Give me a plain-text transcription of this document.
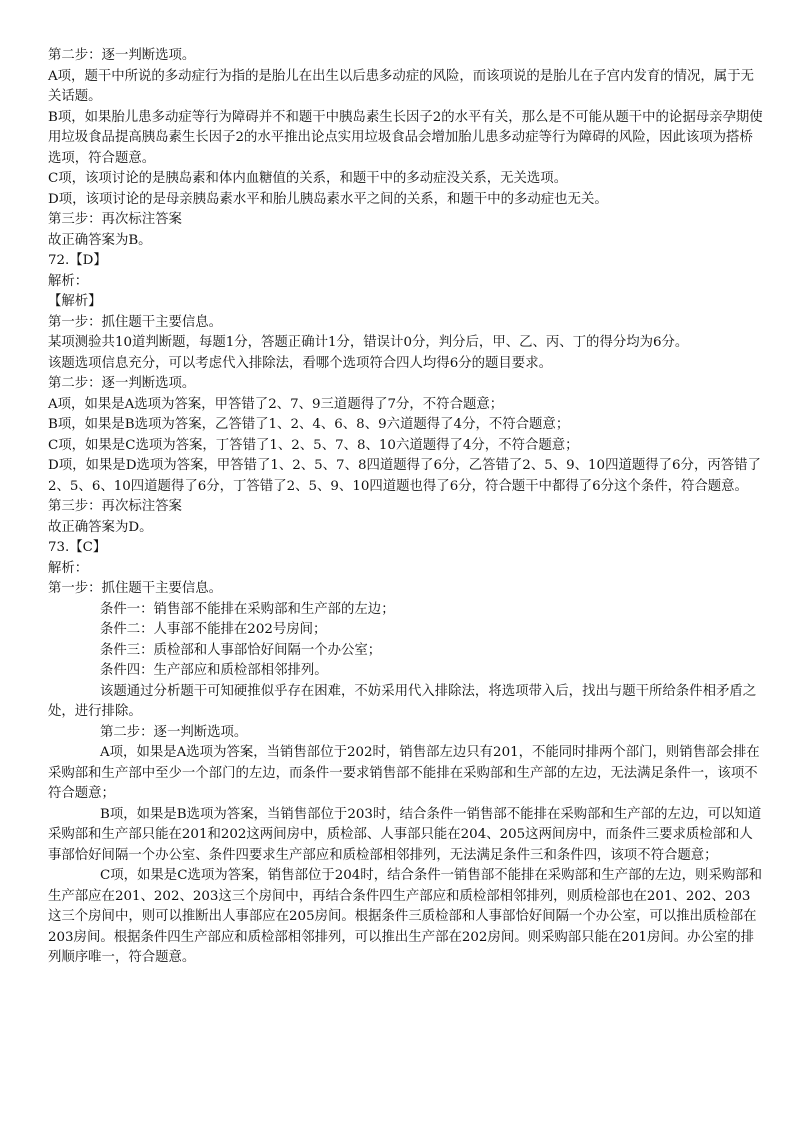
第二步：逐一判断选项。

A项，题干中所说的多动症行为指的是胎儿在出生以后患多动症的风险，而该项说的是胎儿在子宫内发育的情况，属于无关话题。

B项，如果胎儿患多动症等行为障碍并不和题干中胰岛素生长因子2的水平有关，那么是不可能从题干中的论据母亲孕期使用垃圾食品提高胰岛素生长因子2的水平推出论点实用垃圾食品会增加胎儿患多动症等行为障碍的风险，因此该项为搭桥选项，符合题意。

C项，该项讨论的是胰岛素和体内血糖值的关系，和题干中的多动症没关系，无关选项。

D项，该项讨论的是母亲胰岛素水平和胎儿胰岛素水平之间的关系，和题干中的多动症也无关。

第三步：再次标注答案

故正确答案为B。

72.【D】

解析：

【解析】

第一步：抓住题干主要信息。

某项测验共10道判断题，每题1分，答题正确计1分，错误计0分，判分后，甲、乙、丙、丁的得分均为6分。

该题选项信息充分，可以考虑代入排除法，看哪个选项符合四人均得6分的题目要求。

第二步：逐一判断选项。

A项，如果是A选项为答案，甲答错了2、7、9三道题得了7分，不符合题意；

B项，如果是B选项为答案，乙答错了1、2、4、6、8、9六道题得了4分，不符合题意；

C项，如果是C选项为答案，丁答错了1、2、5、7、8、10六道题得了4分，不符合题意；

D项，如果是D选项为答案，甲答错了1、2、5、7、8四道题得了6分，乙答错了2、5、9、10四道题得了6分，丙答错了2、5、6、10四道题得了6分，丁答错了2、5、9、10四道题也得了6分，符合题干中都得了6分这个条件，符合题意。

第三步：再次标注答案

故正确答案为D。

73.【C】

解析：

第一步：抓住题干主要信息。

条件一：销售部不能排在采购部和生产部的左边；

条件二：人事部不能排在202号房间；

条件三：质检部和人事部恰好间隔一个办公室；

条件四：生产部应和质检部相邻排列。

该题通过分析题干可知硬推似乎存在困难，不妨采用代入排除法，将选项带入后，找出与题干所给条件相矛盾之处，进行排除。

第二步：逐一判断选项。

A项，如果是A选项为答案，当销售部位于202时，销售部左边只有201，不能同时排两个部门，则销售部会排在采购部和生产部中至少一个部门的左边，而条件一要求销售部不能排在采购部和生产部的左边，无法满足条件一，该项不符合题意；

B项，如果是B选项为答案，当销售部位于203时，结合条件一销售部不能排在采购部和生产部的左边，可以知道采购部和生产部只能在201和202这两间房中，质检部、人事部只能在204、205这两间房中，而条件三要求质检部和人事部恰好间隔一个办公室、条件四要求生产部应和质检部相邻排列，无法满足条件三和条件四，该项不符合题意；

C项，如果是C选项为答案，销售部位于204时，结合条件一销售部不能排在采购部和生产部的左边，则采购部和生产部应在201、202、203这三个房间中，再结合条件四生产部应和质检部相邻排列，则质检部也在201、202、203这三个房间中，则可以推断出人事部应在205房间。根据条件三质检部和人事部恰好间隔一个办公室，可以推出质检部在203房间。根据条件四生产部应和质检部相邻排列，可以推出生产部在202房间。则采购部只能在201房间。办公室的排列顺序唯一，符合题意。
